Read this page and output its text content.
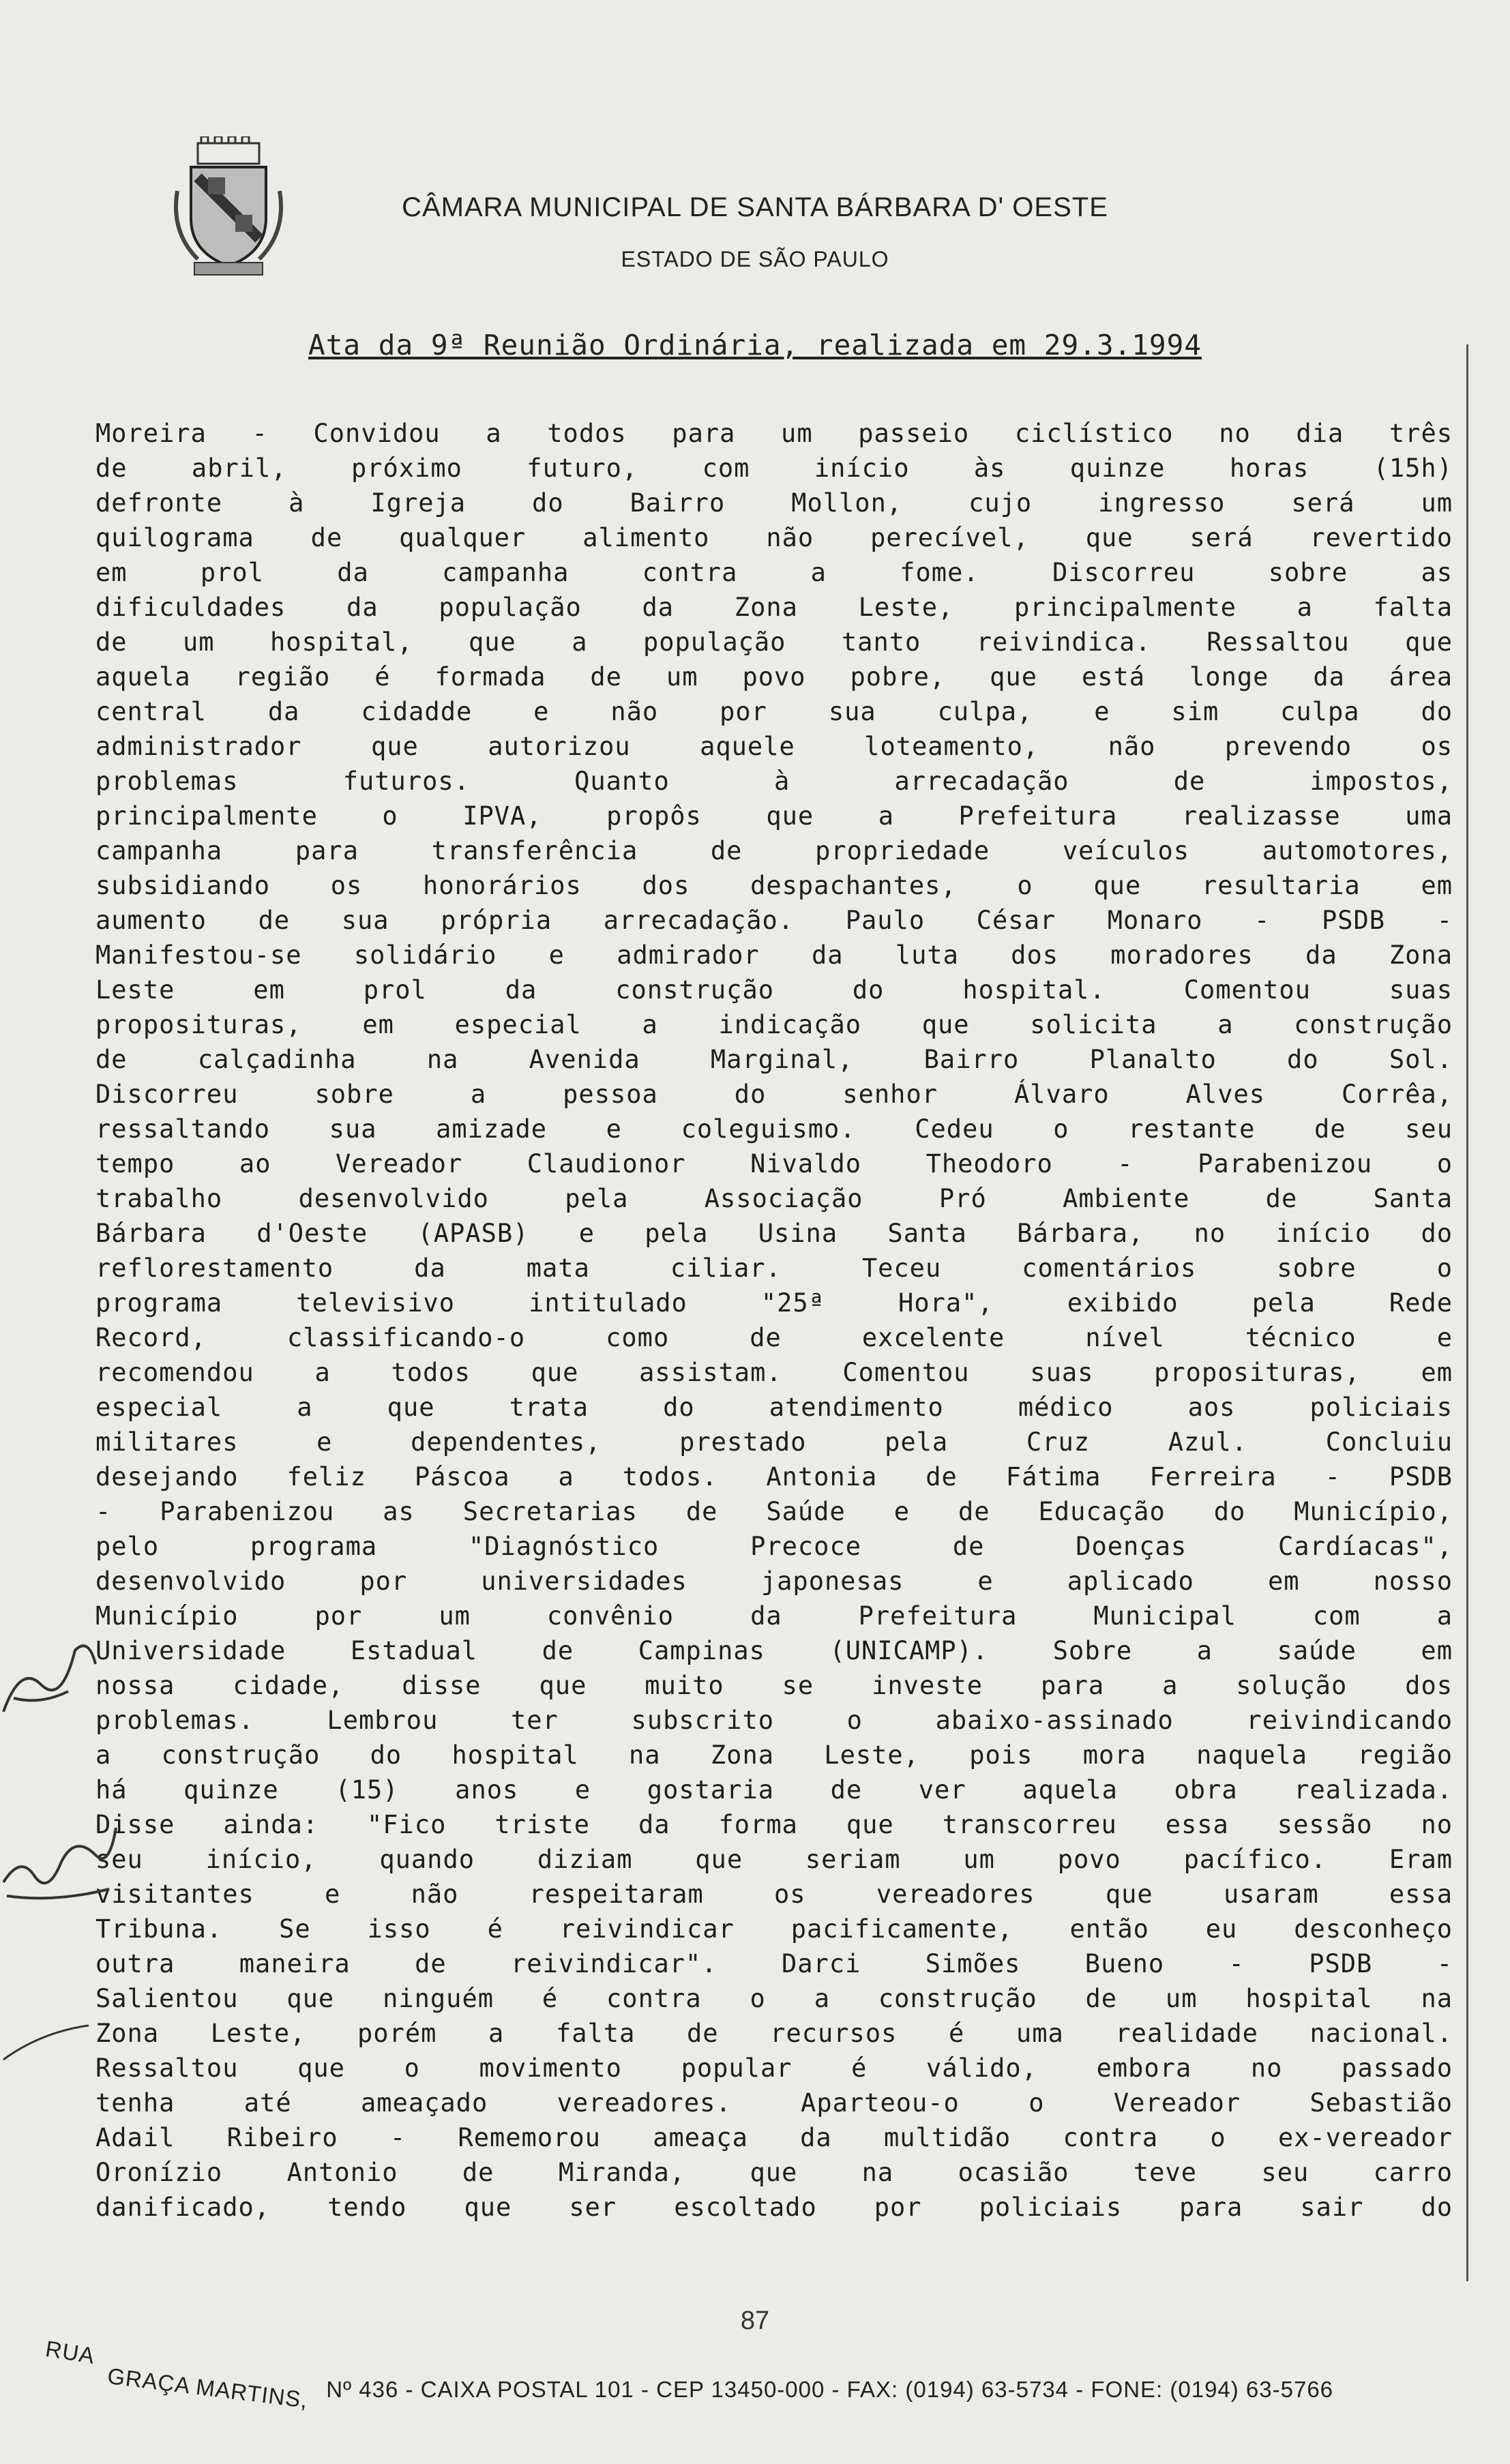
CÂMARA MUNICIPAL DE SANTA BÁRBARA D' OESTE
ESTADO DE SÃO PAULO
Ata da 9ª Reunião Ordinária, realizada em 29.3.1994
Moreira - Convidou a todos para um passeio ciclístico no dia três
de abril, próximo futuro, com início às quinze horas (15h)
defronte à Igreja do Bairro Mollon, cujo ingresso será um
quilograma de qualquer alimento não perecível, que será revertido
em prol da campanha contra a fome. Discorreu sobre as
dificuldades da população da Zona Leste, principalmente a falta
de um hospital, que a população tanto reivindica. Ressaltou que
aquela região é formada de um povo pobre, que está longe da área
central da cidadde e não por sua culpa, e sim culpa do
administrador que autorizou aquele loteamento, não prevendo os
problemas futuros. Quanto à arrecadação de impostos,
principalmente o IPVA, propôs que a Prefeitura realizasse uma
campanha para transferência de propriedade veículos automotores,
subsidiando os honorários dos despachantes, o que resultaria em
aumento de sua própria arrecadação. Paulo César Monaro - PSDB -
Manifestou-se solidário e admirador da luta dos moradores da Zona
Leste em prol da construção do hospital. Comentou suas
proposituras, em especial a indicação que solicita a construção
de calçadinha na Avenida Marginal, Bairro Planalto do Sol.
Discorreu sobre a pessoa do senhor Álvaro Alves Corrêa,
ressaltando sua amizade e coleguismo. Cedeu o restante de seu
tempo ao Vereador Claudionor Nivaldo Theodoro - Parabenizou o
trabalho desenvolvido pela Associação Pró Ambiente de Santa
Bárbara d'Oeste (APASB) e pela Usina Santa Bárbara, no início do
reflorestamento da mata ciliar. Teceu comentários sobre o
programa televisivo intitulado "25ª Hora", exibido pela Rede
Record, classificando-o como de excelente nível técnico e
recomendou a todos que assistam. Comentou suas proposituras, em
especial a que trata do atendimento médico aos policiais
militares e dependentes, prestado pela Cruz Azul. Concluiu
desejando feliz Páscoa a todos. Antonia de Fátima Ferreira - PSDB
- Parabenizou as Secretarias de Saúde e de Educação do Município,
pelo programa "Diagnóstico Precoce de Doenças Cardíacas",
desenvolvido por universidades japonesas e aplicado em nosso
Município por um convênio da Prefeitura Municipal com a
Universidade Estadual de Campinas (UNICAMP). Sobre a saúde em
nossa cidade, disse que muito se investe para a solução dos
problemas. Lembrou ter subscrito o abaixo-assinado reivindicando
a construção do hospital na Zona Leste, pois mora naquela região
há quinze (15) anos e gostaria de ver aquela obra realizada.
Disse ainda: "Fico triste da forma que transcorreu essa sessão no
seu início, quando diziam que seriam um povo pacífico. Eram
visitantes e não respeitaram os vereadores que usaram essa
Tribuna. Se isso é reivindicar pacificamente, então eu desconheço
outra maneira de reivindicar". Darci Simões Bueno - PSDB -
Salientou que ninguém é contra o a construção de um hospital na
Zona Leste, porém a falta de recursos é uma realidade nacional.
Ressaltou que o movimento popular é válido, embora no passado
tenha até ameaçado vereadores. Aparteou-o o Vereador Sebastião
Adail Ribeiro - Rememorou ameaça da multidão contra o ex-vereador
Oronízio Antonio de Miranda, que na ocasião teve seu carro
danificado, tendo que ser escoltado por policiais para sair do
87
RUA
GRAÇA MARTINS, Nº 436 - CAIXA POSTAL 101 - CEP 13450-000 - FAX: (0194) 63-5734 - FONE: (0194) 63-5766
